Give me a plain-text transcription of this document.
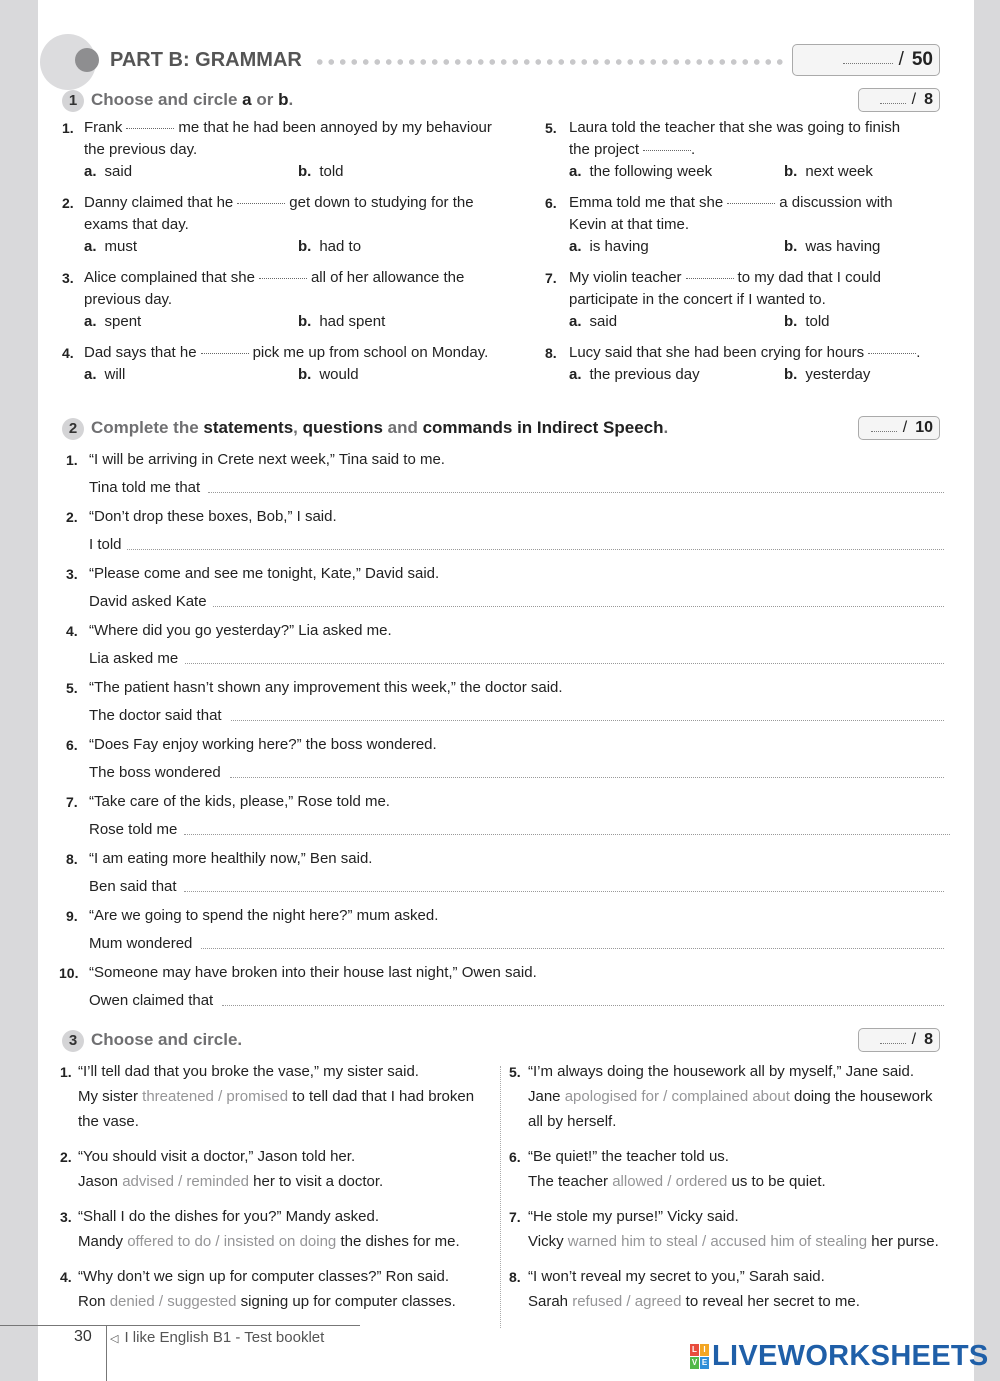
PART B: GRAMMAR	/ 50
1 Choose and circle a or b.	/ 8
1. Frank	me that he had been annoyed by my behaviour
the previous day.
a. said	b. told
2. Danny claimed that he	get down to studying for the
exams that day.
a. must	b. had to
3. Alice complained that she	all of her allowance the
previous day.
a. spent	b. had spent
4. Dad says that he	pick me up from school on Monday.
a. will	b. would
5. Laura told the teacher that she was going to finish
the project	.
a. the following week	b. next week
6. Emma told me that she	a discussion with
Kevin at that time.
a. is having	b. was having
7. My violin teacher	to my dad that I could
participate in the concert if I wanted to.
a. said	b. told
8. Lucy said that she had been crying for hours	.
a. the previous day	b. yesterday
2 Complete the statements, questions and commands in Indirect Speech.	/ 10
1. “I will be arriving in Crete next week,” Tina said to me.
Tina told me that
2. “Don’t drop these boxes, Bob,” I said.
I told
3. “Please come and see me tonight, Kate,” David said.
David asked Kate
4. “Where did you go yesterday?” Lia asked me.
Lia asked me
5. “The patient hasn’t shown any improvement this week,” the doctor said.
The doctor said that
6. “Does Fay enjoy working here?” the boss wondered.
The boss wondered
7. “Take care of the kids, please,” Rose told me.
Rose told me
8. “I am eating more healthily now,” Ben said.
Ben said that
9. “Are we going to spend the night here?” mum asked.
Mum wondered
10. “Someone may have broken into their house last night,” Owen said.
Owen claimed that
3 Choose and circle.	/ 8
1. “I’ll tell dad that you broke the vase,” my sister said.
My sister threatened / promised to tell dad that I had broken
the vase.
2. “You should visit a doctor,” Jason told her.
Jason advised / reminded her to visit a doctor.
3. “Shall I do the dishes for you?” Mandy asked.
Mandy offered to do / insisted on doing the dishes for me.
4. “Why don’t we sign up for computer classes?” Ron said.
Ron denied / suggested signing up for computer classes.
5. “I’m always doing the housework all by myself,” Jane said.
Jane apologised for / complained about doing the housework
all by herself.
6. “Be quiet!” the teacher told us.
The teacher allowed / ordered us to be quiet.
7. “He stole my purse!” Vicky said.
Vicky warned him to steal / accused him of stealing her purse.
8. “I won’t reveal my secret to you,” Sarah said.
Sarah refused / agreed to reveal her secret to me.
30 ◁ I like English B1 - Test booklet
L I
V E LIVEWORKSHEETS
